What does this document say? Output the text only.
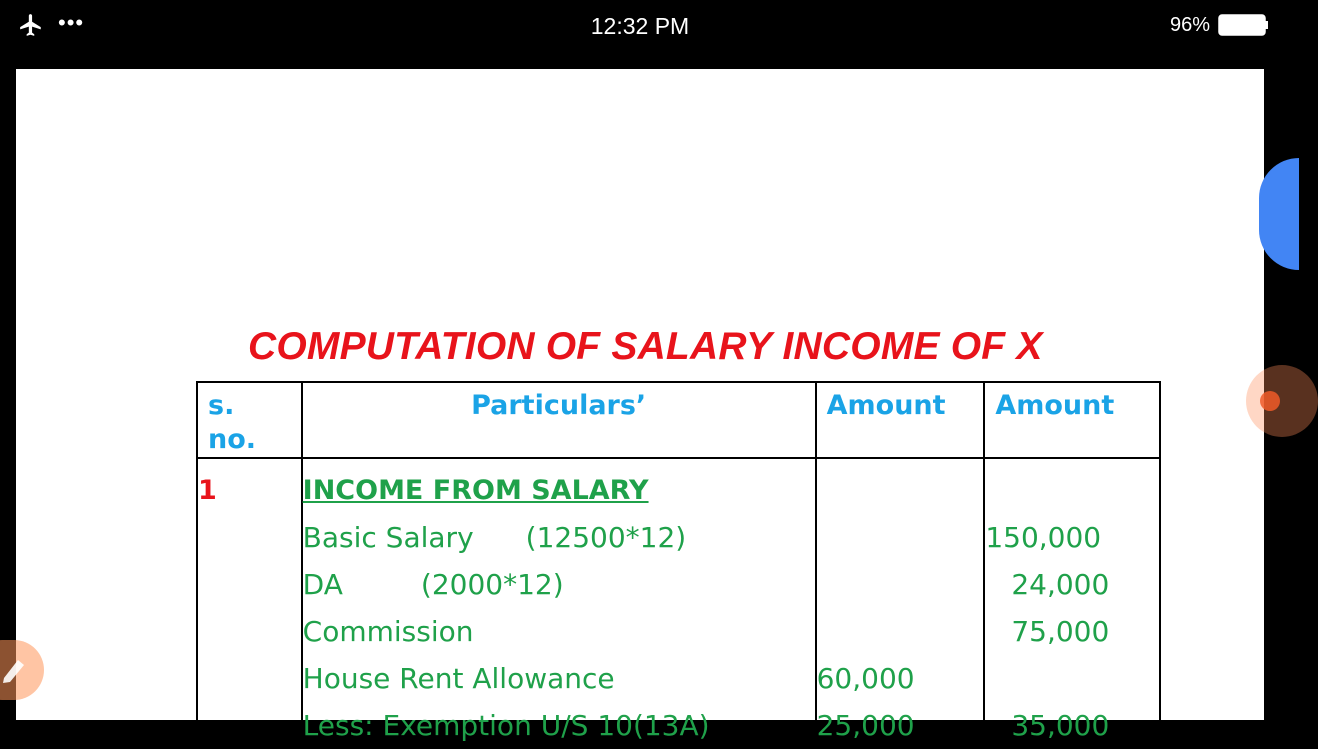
•••	12:32 PM	96%
COMPUTATION OF SALARY INCOME OF X
s. no.	Particulars’	Amount	Amount

1	INCOME FROM SALARY		
	Basic Salary (12500*12)		150,000
	DA (2000*12)		24,000
	Commission		75,000
	House Rent Allowance	60,000	
	Less: Exemption U/S 10(13A)	25,000	35,000
